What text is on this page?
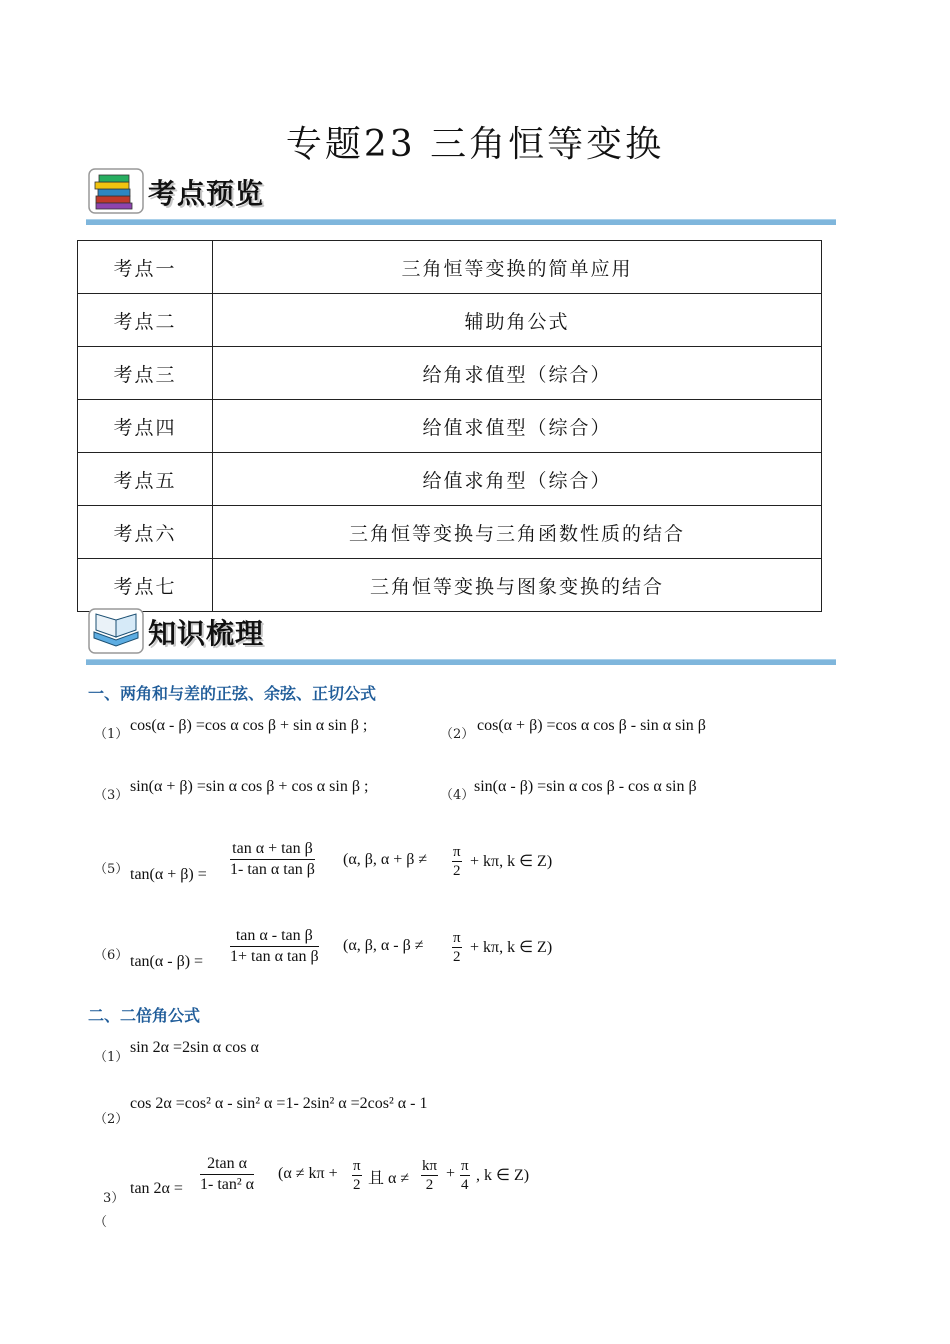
专题23 三角恒等变换
考点预览
考点一	三角恒等变换的简单应用
考点二	辅助角公式
考点三	给角求值型（综合）
考点四	给值求值型（综合）
考点五	给值求角型（综合）
考点六	三角恒等变换与三角函数性质的结合
考点七	三角恒等变换与图象变换的结合
知识梳理
一、两角和与差的正弦、余弦、正切公式
（1）
cos(α - β) =cos α cos β + sin α sin β ;
（2）
cos(α + β) =cos α cos β - sin α sin β
（3）
sin(α + β) =sin α cos β + cos α sin β ;
（4）
sin(α - β) =sin α cos β - cos α sin β
（5） $\tan(\alpha + \beta) = \frac{\text{tan α + tan β}}{\text{1- tan α tan β}} (\alpha$, β, $\alpha + \beta \ne \frac{\pi}{2} + k\pi$, k ∈ Z)
（6） $\tan(\alpha - \beta) = \frac{\text{tan α - tan β}}{\text{1+ tan α tan β}} (\alpha$, β, $\alpha - \beta \ne \frac{\pi}{2} + k\pi$, k ∈ Z)
二、二倍角公式
（1）
sin 2α =2sin α cos α
（2）
cos 2α =cos² α - sin² α =1- 2sin² α =2cos² α - 1
3）
（
$\tan 2\alpha = \frac{\text{2tan α}}{\text{1- tan² α}} (\alpha \ne k\pi + \frac{\pi}{2}$ 且 $\alpha \ne \frac{k\pi}{2} + \frac{\pi}{4}$ , k ∈ Z)
